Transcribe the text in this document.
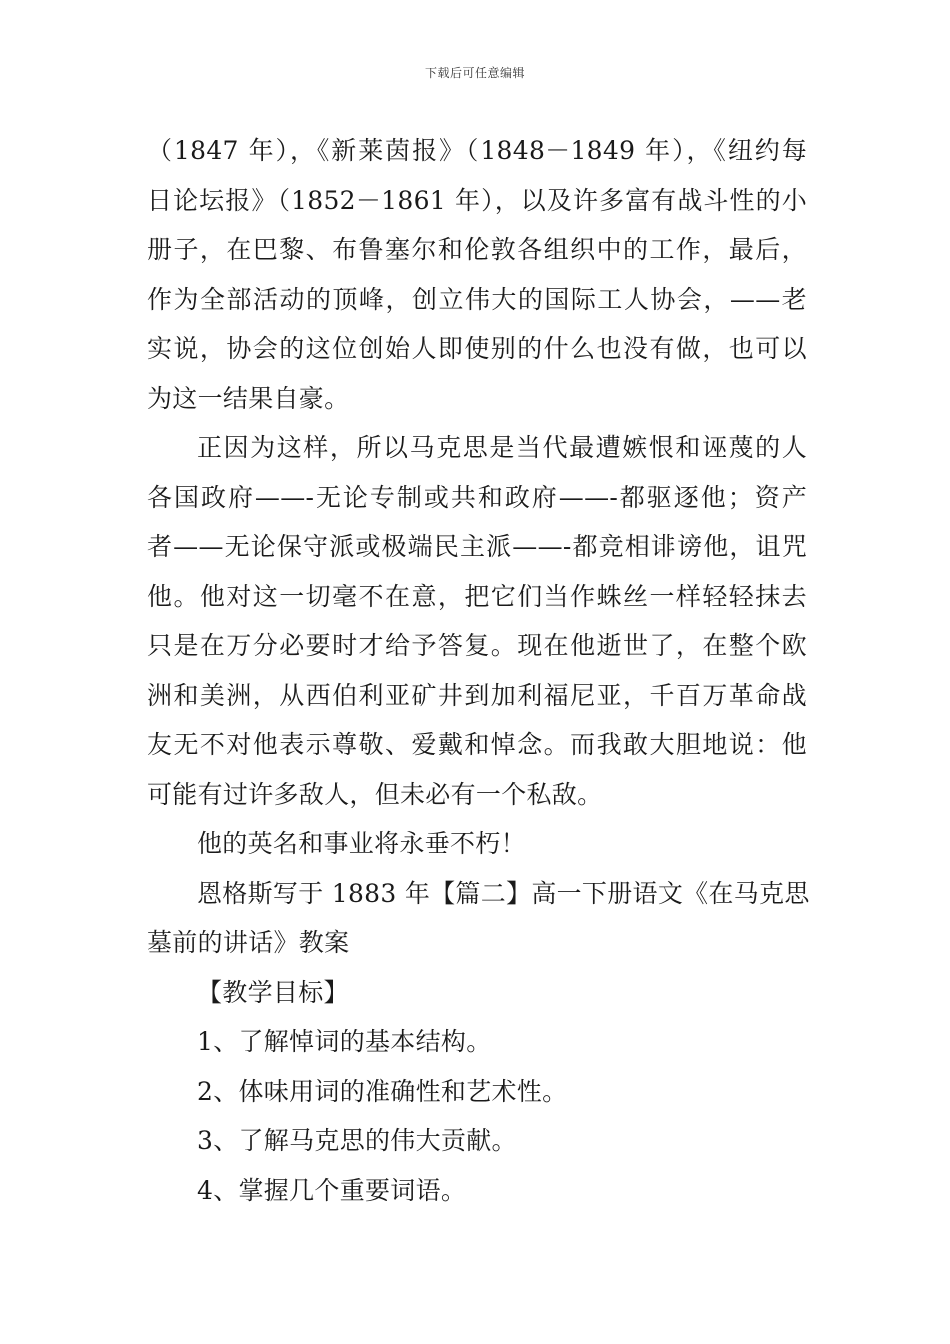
下载后可任意编辑
（1847 年），《新莱茵报》（1848－1849 年），《纽约每
日论坛报》（1852－1861 年），以及许多富有战斗性的小
册子，在巴黎、布鲁塞尔和伦敦各组织中的工作，最后，
作为全部活动的顶峰，创立伟大的国际工人协会，——老
实说，协会的这位创始人即使别的什么也没有做，也可以
为这一结果自豪。
正因为这样，所以马克思是当代最遭嫉恨和诬蔑的人
各国政府——-无论专制或共和政府——-都驱逐他；资产
者——无论保守派或极端民主派——-都竞相诽谤他，诅咒
他。他对这一切毫不在意，把它们当作蛛丝一样轻轻抹去
只是在万分必要时才给予答复。现在他逝世了，在整个欧
洲和美洲，从西伯利亚矿井到加利福尼亚，千百万革命战
友无不对他表示尊敬、爱戴和悼念。而我敢大胆地说：他
可能有过许多敌人，但未必有一个私敌。
他的英名和事业将永垂不朽！
恩格斯写于 1883 年【篇二】高一下册语文《在马克思
墓前的讲话》教案
【教学目标】
1、了解悼词的基本结构。
2、体味用词的准确性和艺术性。
3、了解马克思的伟大贡献。
4、掌握几个重要词语。
